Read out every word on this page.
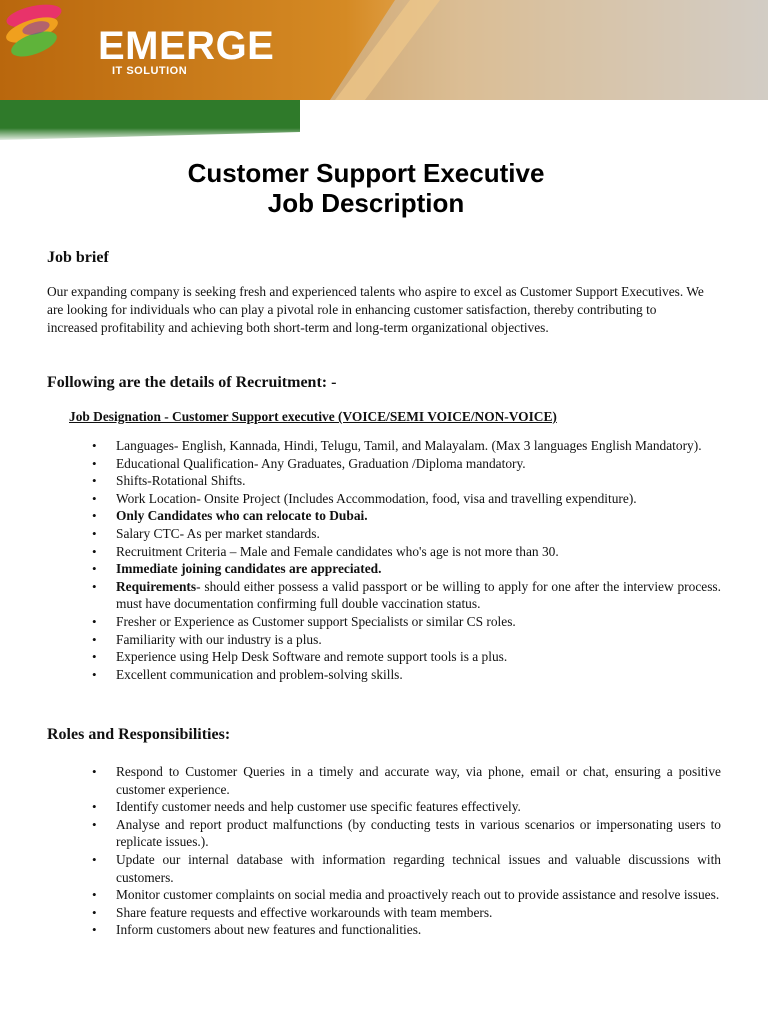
EMERGE
IT SOLUTION
Customer Support Executive
Job Description
Job brief
Our expanding company is seeking fresh and experienced talents who aspire to excel as Customer Support Executives. We are looking for individuals who can play a pivotal role in enhancing customer satisfaction, thereby contributing to increased profitability and achieving both short-term and long-term organizational objectives.
Following are the details of Recruitment: -
Job Designation - Customer Support executive (VOICE/SEMI VOICE/NON-VOICE)
• Languages- English, Kannada, Hindi, Telugu, Tamil, and Malayalam. (Max 3 languages English Mandatory).
• Educational Qualification- Any Graduates, Graduation /Diploma mandatory.
• Shifts-Rotational Shifts.
• Work Location- Onsite Project (Includes Accommodation, food, visa and travelling expenditure).
• Only Candidates who can relocate to Dubai.
• Salary CTC- As per market standards.
• Recruitment Criteria – Male and Female candidates who's age is not more than 30.
• Immediate joining candidates are appreciated.
• Requirements- should either possess a valid passport or be willing to apply for one after the interview process. must have documentation confirming full double vaccination status.
• Fresher or Experience as Customer support Specialists or similar CS roles.
• Familiarity with our industry is a plus.
• Experience using Help Desk Software and remote support tools is a plus.
• Excellent communication and problem-solving skills.
Roles and Responsibilities:
• Respond to Customer Queries in a timely and accurate way, via phone, email or chat, ensuring a positive customer experience.
• Identify customer needs and help customer use specific features effectively.
• Analyse and report product malfunctions (by conducting tests in various scenarios or impersonating users to replicate issues.).
• Update our internal database with information regarding technical issues and valuable discussions with customers.
• Monitor customer complaints on social media and proactively reach out to provide assistance and resolve issues.
• Share feature requests and effective workarounds with team members.
• Inform customers about new features and functionalities.
